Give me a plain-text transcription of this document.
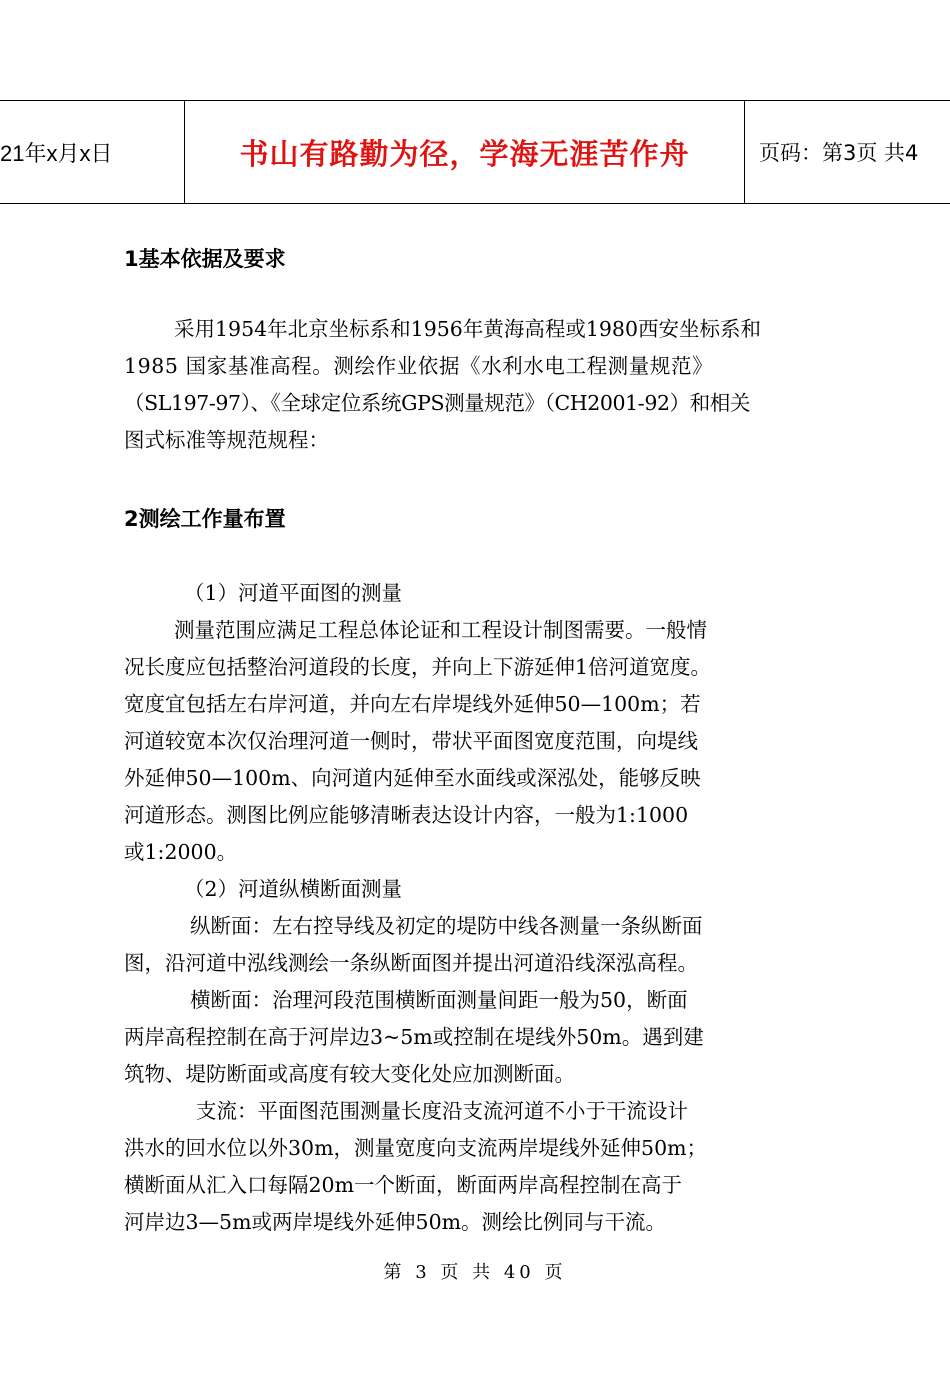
21年x月x日	书山有路勤为径，学海无涯苦作舟	页码：第3页 共4
1基本依据及要求
采用1954年北京坐标系和1956年黄海高程或1980西安坐标系和
1985 国家基准高程。测绘作业依据《水利水电工程测量规范》
（SL197-97）、《全球定位系统GPS测量规范》（CH2001-92）和相关
图式标准等规范规程：
2测绘工作量布置
（1）河道平面图的测量
测量范围应满足工程总体论证和工程设计制图需要。一般情
况长度应包括整治河道段的长度，并向上下游延伸1倍河道宽度。
宽度宜包括左右岸河道，并向左右岸堤线外延伸50—100m；若
河道较宽本次仅治理河道一侧时，带状平面图宽度范围，向堤线
外延伸50—100m、向河道内延伸至水面线或深泓处，能够反映
河道形态。测图比例应能够清晰表达设计内容，一般为1:1000
或1:2000。
（2）河道纵横断面测量
纵断面：左右控导线及初定的堤防中线各测量一条纵断面
图，沿河道中泓线测绘一条纵断面图并提出河道沿线深泓高程。
横断面：治理河段范围横断面测量间距一般为50，断面
两岸高程控制在高于河岸边3~5m或控制在堤线外50m。遇到建
筑物、堤防断面或高度有较大变化处应加测断面。
支流：平面图范围测量长度沿支流河道不小于干流设计
洪水的回水位以外30m，测量宽度向支流两岸堤线外延伸50m；
横断面从汇入口每隔20m一个断面，断面两岸高程控制在高于
河岸边3—5m或两岸堤线外延伸50m。测绘比例同与干流。
第 3 页 共 40 页
